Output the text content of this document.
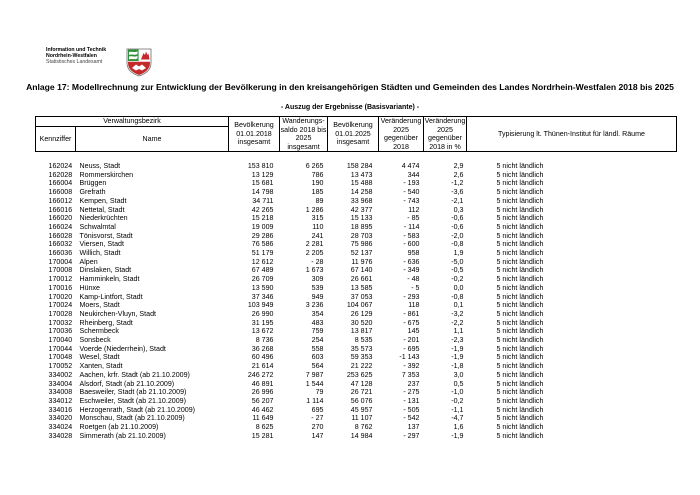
Information und Technik
Nordrhein-Westfalen
Statistisches Landesamt
Anlage 17: Modellrechnung zur Entwicklung der Bevölkerung in den kreisangehörigen Städten und Gemeinden des Landes Nordrhein-Westfalen 2018 bis 2025
- Auszug der Ergebnisse (Basisvariante) -
Verwaltungsbezirk		Bevölkerung 01.01.2018 insgesamt	Wanderungs-saldo 2018 bis 2025 insgesamt	Bevölkerung 01.01.2025 insgesamt	Veränderung 2025 gegenüber 2018	Veränderung 2025 gegenüber 2018 in %	Typisierung lt. Thünen-Institut für ländl. Räume
Kennziffer	Name						

162024	Neuss, Stadt	153 810	6 265	158 284	4 474	2,9	5 nicht ländlich
162028	Rommerskirchen	13 129	786	13 473	344	2,6	5 nicht ländlich
166004	Brüggen	15 681	190	15 488	- 193	-1,2	5 nicht ländlich
166008	Grefrath	14 798	185	14 258	- 540	-3,6	5 nicht ländlich
166012	Kempen, Stadt	34 711	89	33 968	- 743	-2,1	5 nicht ländlich
166016	Nettetal, Stadt	42 265	1 286	42 377	112	0,3	5 nicht ländlich
166020	Niederkrüchten	15 218	315	15 133	- 85	-0,6	5 nicht ländlich
166024	Schwalmtal	19 009	110	18 895	- 114	-0,6	5 nicht ländlich
166028	Tönisvorst, Stadt	29 286	241	28 703	- 583	-2,0	5 nicht ländlich
166032	Viersen, Stadt	76 586	2 281	75 986	- 600	-0,8	5 nicht ländlich
166036	Willich, Stadt	51 179	2 205	52 137	958	1,9	5 nicht ländlich
170004	Alpen	12 612	- 28	11 976	- 636	-5,0	5 nicht ländlich
170008	Dinslaken, Stadt	67 489	1 673	67 140	- 349	-0,5	5 nicht ländlich
170012	Hamminkeln, Stadt	26 709	309	26 661	- 48	-0,2	5 nicht ländlich
170016	Hünxe	13 590	539	13 585	- 5	0,0	5 nicht ländlich
170020	Kamp-Lintfort, Stadt	37 346	949	37 053	- 293	-0,8	5 nicht ländlich
170024	Moers, Stadt	103 949	3 236	104 067	118	0,1	5 nicht ländlich
170028	Neukirchen-Vluyn, Stadt	26 990	354	26 129	- 861	-3,2	5 nicht ländlich
170032	Rheinberg, Stadt	31 195	483	30 520	- 675	-2,2	5 nicht ländlich
170036	Schermbeck	13 672	759	13 817	145	1,1	5 nicht ländlich
170040	Sonsbeck	8 736	254	8 535	- 201	-2,3	5 nicht ländlich
170044	Voerde (Niederrhein), Stadt	36 268	558	35 573	- 695	-1,9	5 nicht ländlich
170048	Wesel, Stadt	60 496	603	59 353	-1 143	-1,9	5 nicht ländlich
170052	Xanten, Stadt	21 614	564	21 222	- 392	-1,8	5 nicht ländlich
334002	Aachen, krfr. Stadt (ab 21.10.2009)	246 272	7 987	253 625	7 353	3,0	5 nicht ländlich
334004	Alsdorf, Stadt (ab 21.10.2009)	46 891	1 544	47 128	237	0,5	5 nicht ländlich
334008	Baesweiler, Stadt (ab 21.10.2009)	26 996	79	26 721	- 275	-1,0	5 nicht ländlich
334012	Eschweiler, Stadt (ab 21.10.2009)	56 207	1 114	56 076	- 131	-0,2	5 nicht ländlich
334016	Herzogenrath, Stadt (ab 21.10.2009)	46 462	695	45 957	- 505	-1,1	5 nicht ländlich
334020	Monschau, Stadt (ab 21.10.2009)	11 649	- 27	11 107	- 542	-4,7	5 nicht ländlich
334024	Roetgen (ab 21.10.2009)	8 625	270	8 762	137	1,6	5 nicht ländlich
334028	Simmerath (ab 21.10.2009)	15 281	147	14 984	- 297	-1,9	5 nicht ländlich
